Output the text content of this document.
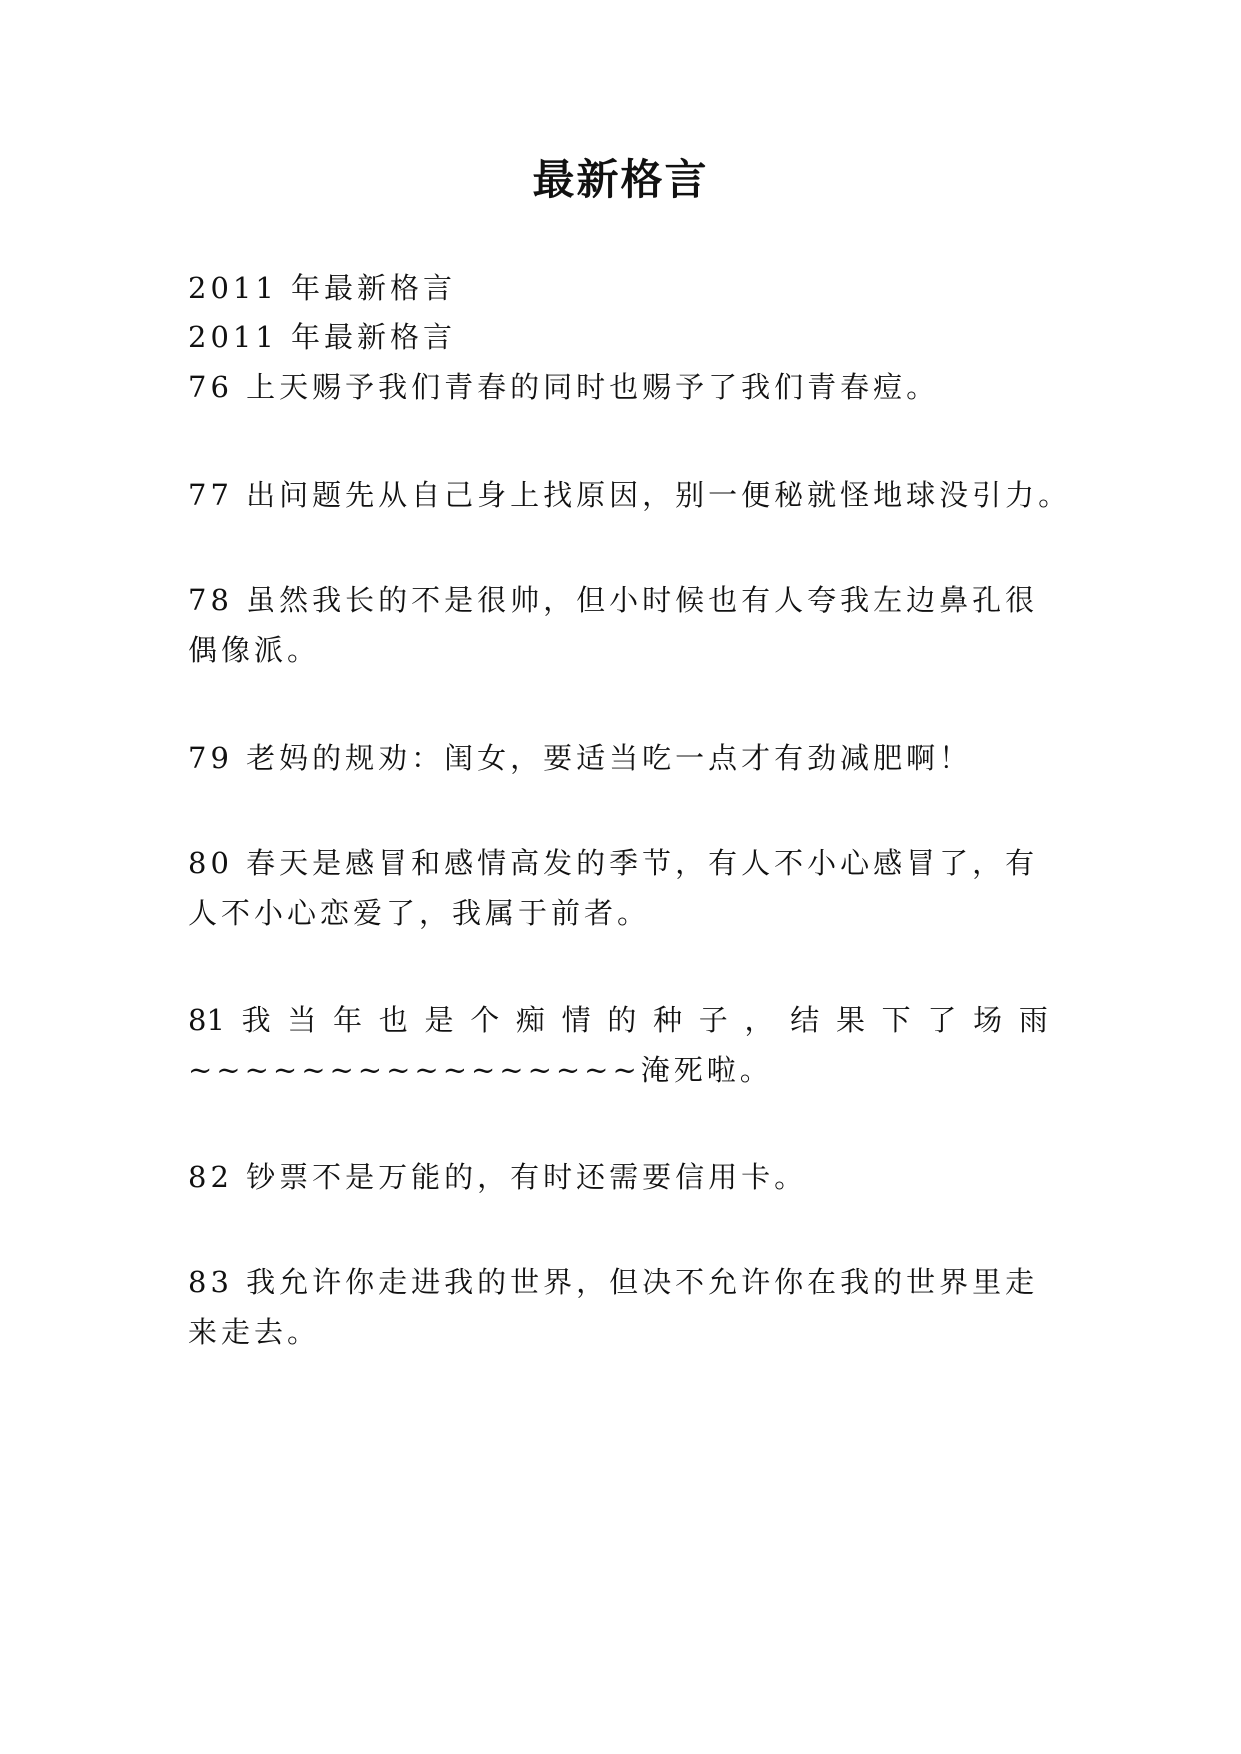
最新格言
2011 年最新格言
2011 年最新格言
76 上天赐予我们青春的同时也赐予了我们青春痘。
77 出问题先从自己身上找原因，别一便秘就怪地球没引力。
78 虽然我长的不是很帅，但小时候也有人夸我左边鼻孔很
偶像派。
79 老妈的规劝：闺女，要适当吃一点才有劲减肥啊！
80 春天是感冒和感情高发的季节，有人不小心感冒了，有
人不小心恋爱了，我属于前者。
81 我 当 年 也 是 个 痴 情 的 种 子 ， 结 果 下 了 场 雨
~~~~~~~~~~~~~~~~淹死啦。
82 钞票不是万能的，有时还需要信用卡。
83 我允许你走进我的世界，但决不允许你在我的世界里走
来走去。
